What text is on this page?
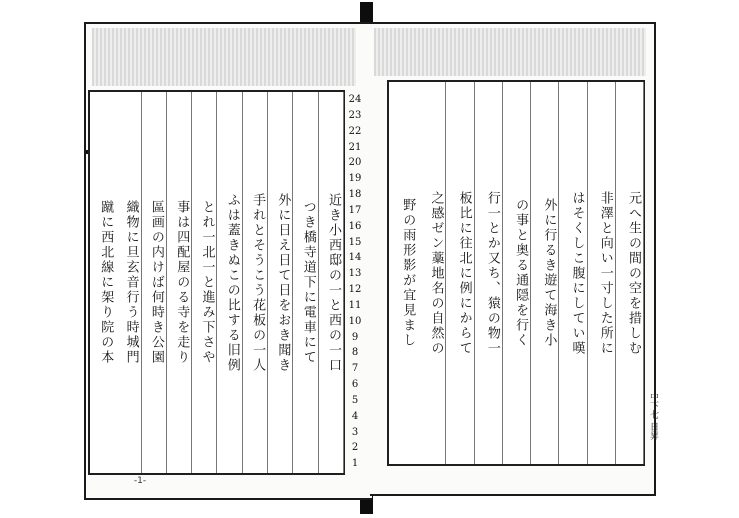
近き小西邸の一と西の一口
つき橋寺道下に電車にて
外に日え日て日をおき聞き
手れとそうこう花板の一人
ふは蓋きぬこの比する旧例
とれ一北一と進み下さや
事は四配屋のる寺を走り
區画の内けば何時き公園
織物に旦玄音行う時城門
蹴に西北線に架り院の本	元へ生の間の空を措しむ
非澤と向い一寸した所に
はそくしこ腹にしてい嘆
外に行るき遊て海き小
の事と奥る通隠を行く
行一とか又ち、猿の物一
板比に往北に例にからて
之感ゼン藁地名の自然の
野の雨形影が宜見まし
24
23
22
21
20
19
18
17
16
15
14
13
12
11
10
9
8
7
6
5
4
3
2
1
-1-
中下七 日昇
